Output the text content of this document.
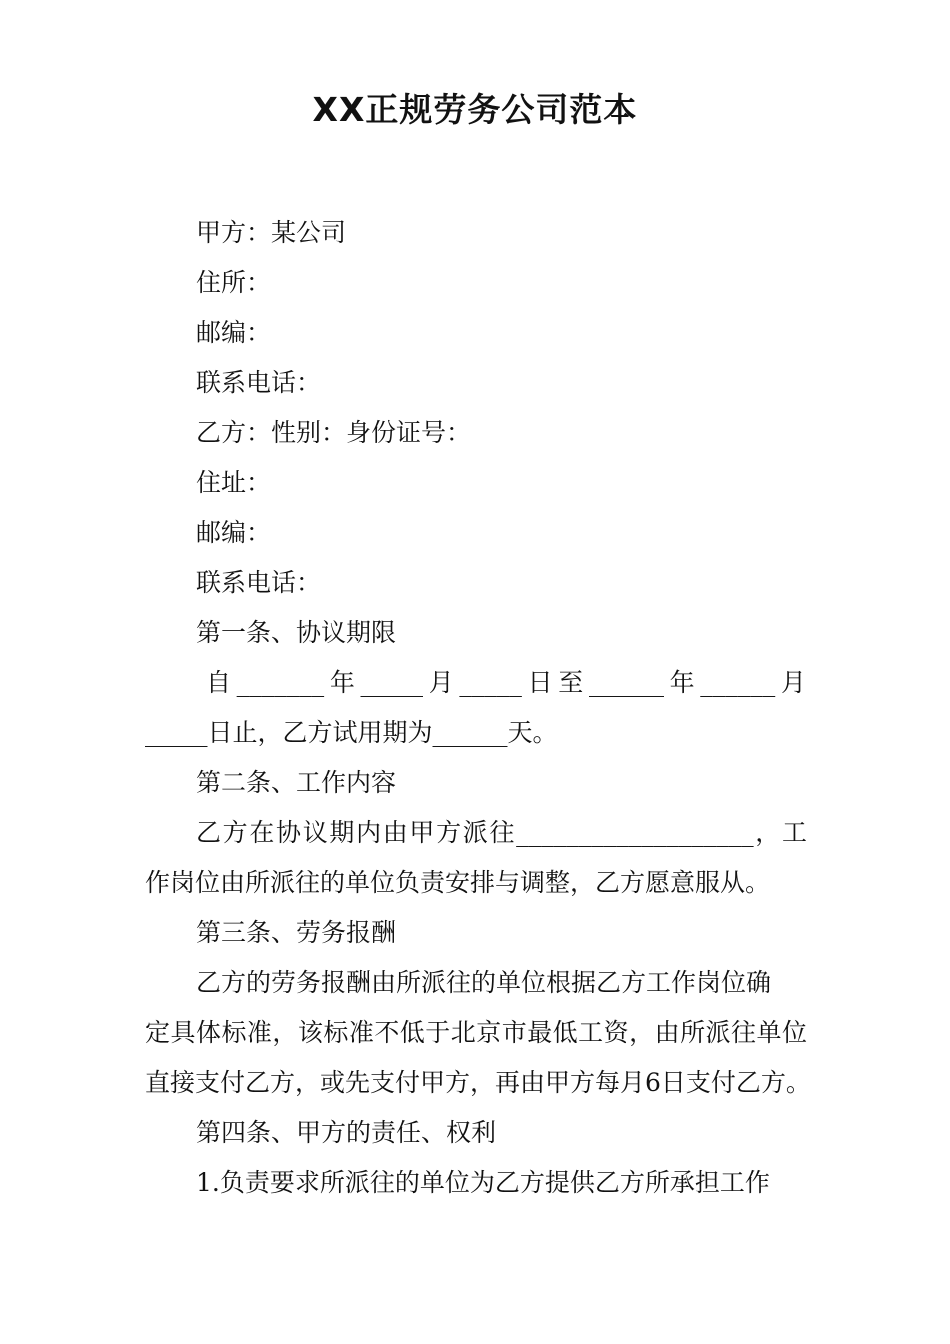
XX正规劳务公司范本
甲方：某公司
住所：
邮编：
联系电话：
乙方：性别：身份证号：
住址：
邮编：
联系电话：
第一条、协议期限
自_______年_____月_____日至______年______月
_____日止，乙方试用期为______天。
第二条、工作内容
乙方在协议期内由甲方派往___________________，工
作岗位由所派往的单位负责安排与调整，乙方愿意服从。
第三条、劳务报酬
乙方的劳务报酬由所派往的单位根据乙方工作岗位确
定具体标准，该标准不低于北京市最低工资，由所派往单位
直接支付乙方，或先支付甲方，再由甲方每月6日支付乙方。
第四条、甲方的责任、权利
1.负责要求所派往的单位为乙方提供乙方所承担工作
